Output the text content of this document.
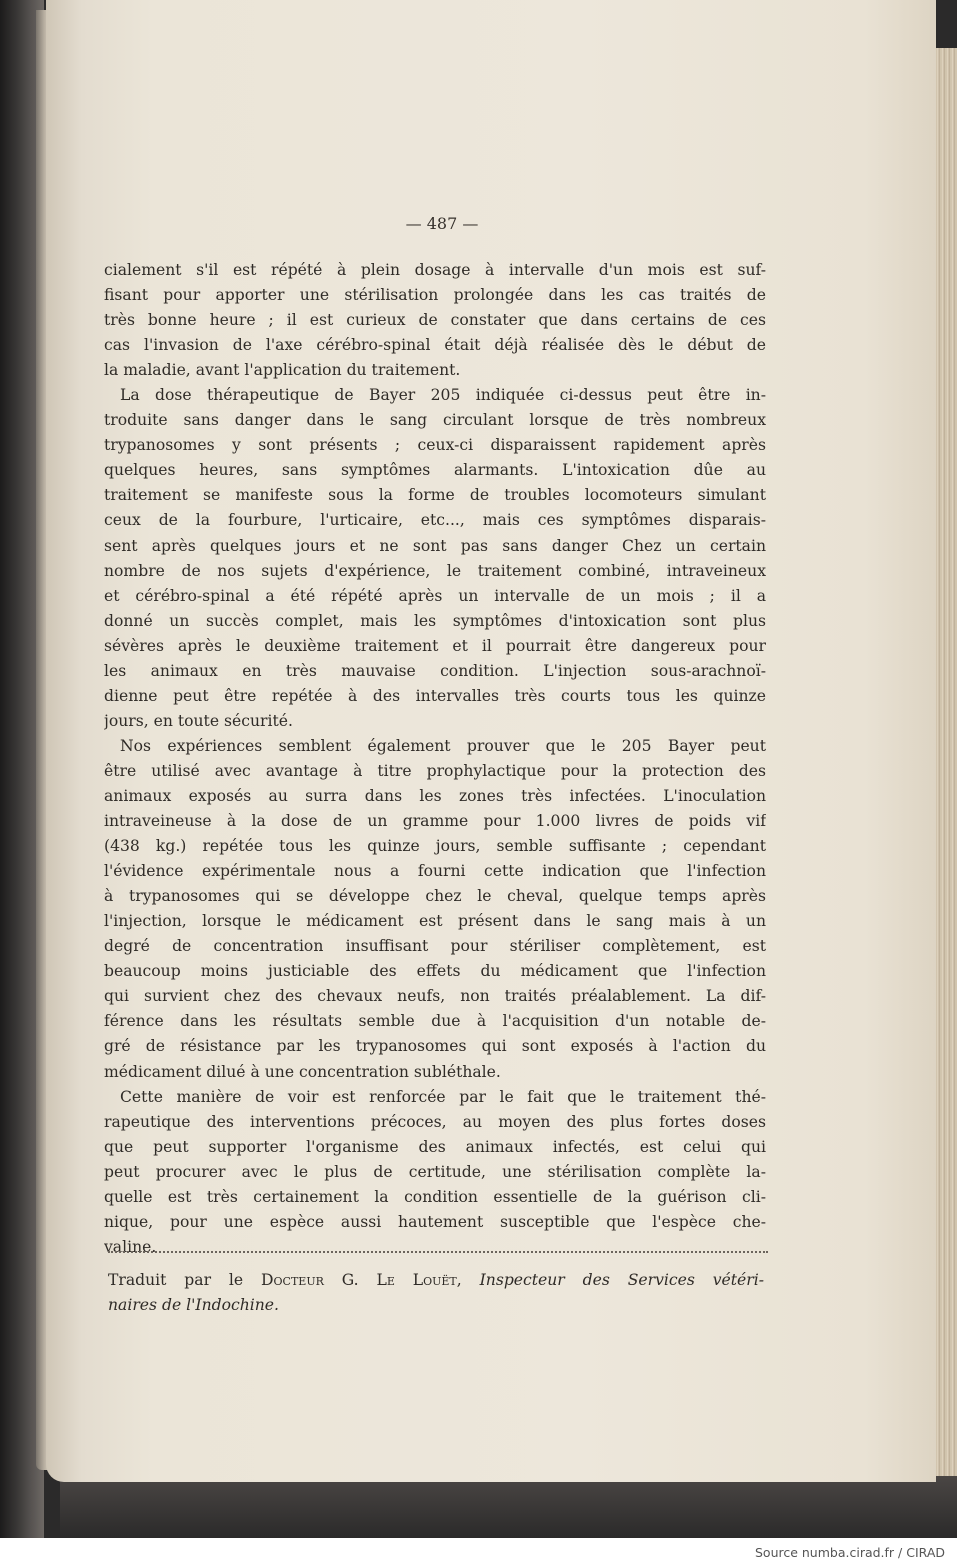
— 487 —
cialement s'il est répété à plein dosage à intervalle d'un mois est suf-
fisant pour apporter une stérilisation prolongée dans les cas traités de
très bonne heure ; il est curieux de constater que dans certains de ces
cas l'invasion de l'axe cérébro-spinal était déjà réalisée dès le début de
la maladie, avant l'application du traitement.
La dose thérapeutique de Bayer 205 indiquée ci-dessus peut être in-
troduite sans danger dans le sang circulant lorsque de très nombreux
trypanosomes y sont présents ; ceux-ci disparaissent rapidement après
quelques heures, sans symptômes alarmants. L'intoxication dûe au
traitement se manifeste sous la forme de troubles locomoteurs simulant
ceux de la fourbure, l'urticaire, etc..., mais ces symptômes disparais-
sent après quelques jours et ne sont pas sans danger Chez un certain
nombre de nos sujets d'expérience, le traitement combiné, intraveineux
et cérébro-spinal a été répété après un intervalle de un mois ; il a
donné un succès complet, mais les symptômes d'intoxication sont plus
sévères après le deuxième traitement et il pourrait être dangereux pour
les animaux en très mauvaise condition. L'injection sous-arachnoï-
dienne peut être repétée à des intervalles très courts tous les quinze
jours, en toute sécurité.
Nos expériences semblent également prouver que le 205 Bayer peut
être utilisé avec avantage à titre prophylactique pour la protection des
animaux exposés au surra dans les zones très infectées. L'inoculation
intraveineuse à la dose de un gramme pour 1.000 livres de poids vif
(438 kg.) repétée tous les quinze jours, semble suffisante ; cependant
l'évidence expérimentale nous a fourni cette indication que l'infection
à trypanosomes qui se développe chez le cheval, quelque temps après
l'injection, lorsque le médicament est présent dans le sang mais à un
degré de concentration insuffisant pour stériliser complètement, est
beaucoup moins justiciable des effets du médicament que l'infection
qui survient chez des chevaux neufs, non traités préalablement. La dif-
férence dans les résultats semble due à l'acquisition d'un notable de-
gré de résistance par les trypanosomes qui sont exposés à l'action du
médicament dilué à une concentration subléthale.
Cette manière de voir est renforcée par le fait que le traitement thé-
rapeutique des interventions précoces, au moyen des plus fortes doses
que peut supporter l'organisme des animaux infectés, est celui qui
peut procurer avec le plus de certitude, une stérilisation complète la-
quelle est très certainement la condition essentielle de la guérison cli-
nique, pour une espèce aussi hautement susceptible que l'espèce che-
valine.
Traduit par le Docteur G. Le Louët, Inspecteur des Services vétéri-
naires de l'Indochine.
Source numba.cirad.fr / CIRAD
